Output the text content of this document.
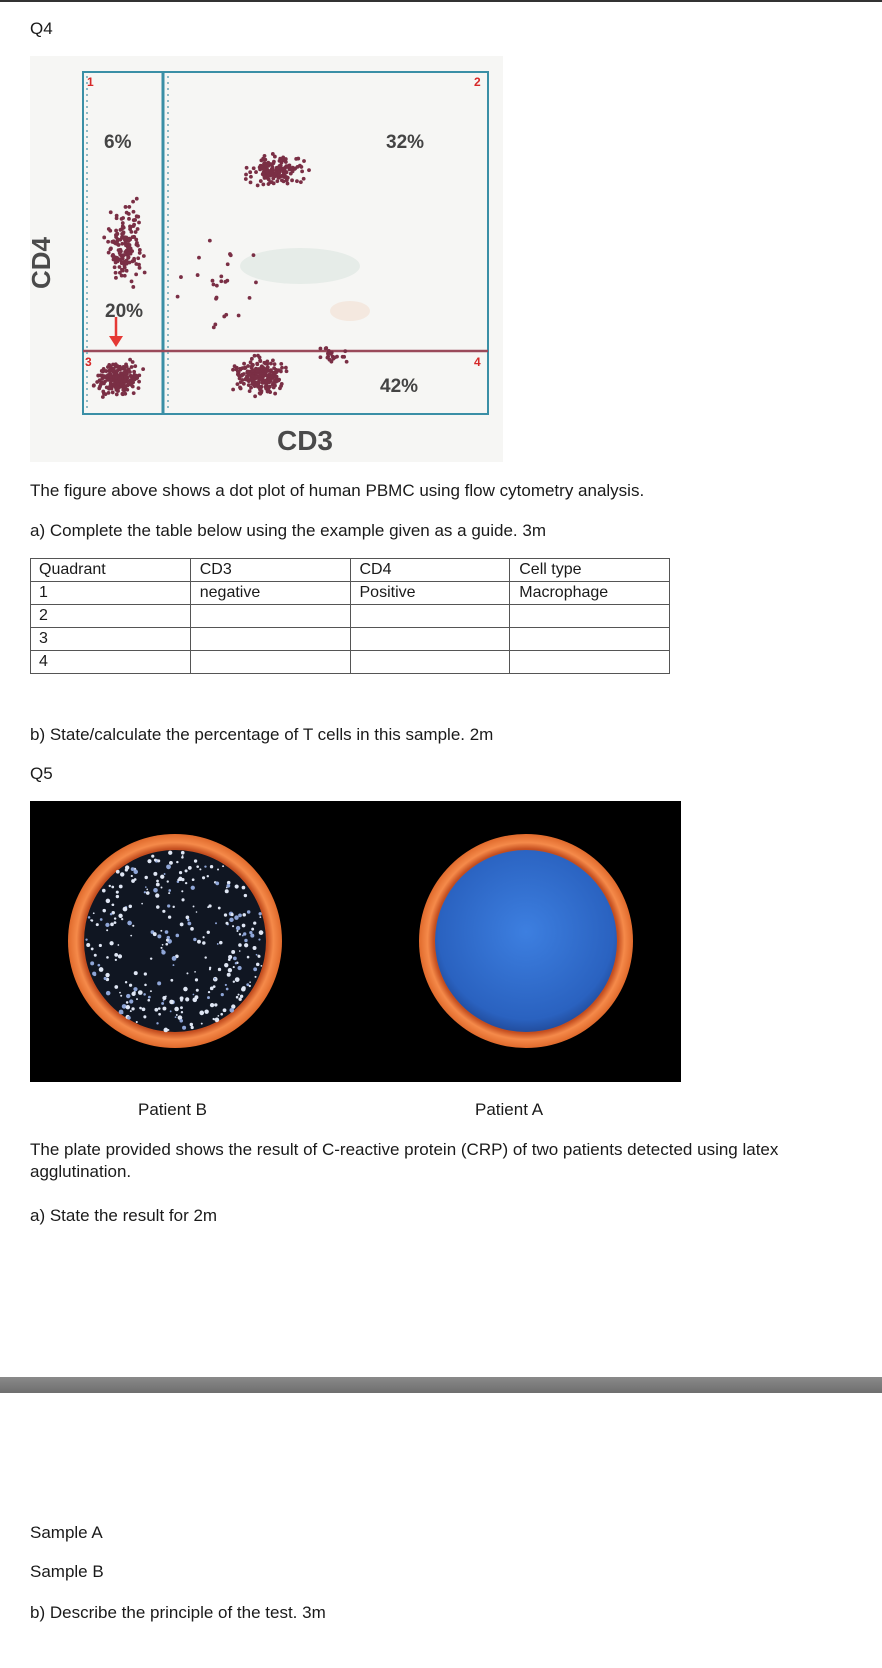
Q4
1	2
3	4
6%
20%
32%
42%
CD4
CD3
The figure above shows a dot plot of human PBMC using flow cytometry analysis.
a) Complete the table below using the example given as a guide. 3m
Quadrant	CD3	CD4	Cell type
1	negative	Positive	Macrophage
2			
3			
4			
b) State/calculate the percentage of T cells in this sample. 2m
Q5
Patient B	Patient A
The plate provided shows the result of C-reactive protein (CRP) of two patients detected using latex agglutination.
a) State the result for 2m
Sample A
Sample B
b) Describe the principle of the test. 3m
